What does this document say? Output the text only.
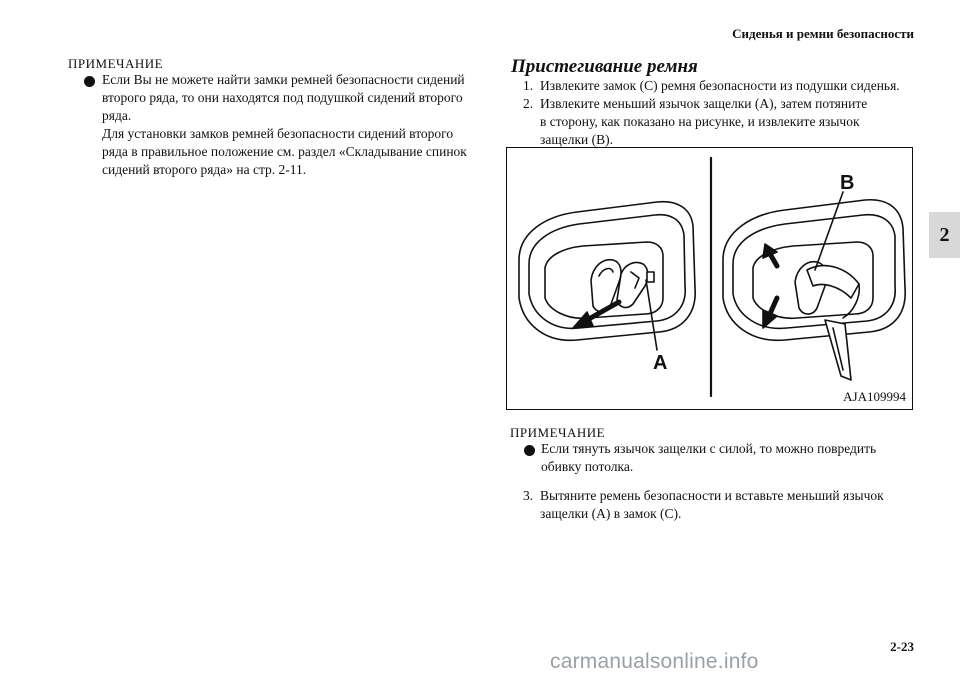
Сиденья и ремни безопасности
2
ПРИМЕЧАНИЕ
Если Вы не можете найти замки ремней безопасности сидений
второго ряда, то они находятся под подушкой сидений второго
ряда.
Для установки замков ремней безопасности сидений второго
ряда в правильное положение см. раздел «Складывание спинок
сидений второго ряда» на стр. 2-11.
Пристегивание ремня
1. Извлеките замок (C) ремня безопасности из подушки сиденья.
2. Извлеките меньший язычок защелки (A), затем потяните
в сторону, как показано на рисунке, и извлеките язычок
защелки (B).
A
B
AJA109994
ПРИМЕЧАНИЕ
Если тянуть язычок защелки с силой, то можно повредить
обивку потолка.
3. Вытяните ремень безопасности и вставьте меньший язычок
защелки (A) в замок (C).
2-23
carmanualsonline.info
